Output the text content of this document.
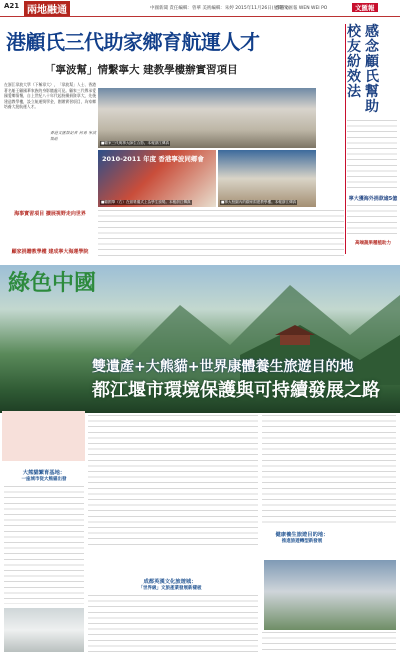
A21 兩地融通	中國新聞 責任編輯：曾華 美術編輯：朱婷 2015年11月26日(星期四)
香港文匯報 WEN WEI PO	文匯報
港顧氏三代助家鄉育航運人才
「寧波幫」情繫寧大 建教學樓辦實習項目
感念顧氏幫助
校友紛效法
在浙江寧波大學（下稱寧大），「寧波幫」人士、香港著名船王顧國華家族的身影隨處可見。顧家三代傳承愛國愛鄉情懷，自上世紀八十年代起持續捐資寧大，先後建造教學樓，設立航運獎學金，創辦實習項目，為家鄉培養大批航運人才。
香港文匯報記者 何勇 寧波報道
海事實習項目 擴展視野走向世界
顧家捐贈教學樓 建成寧大海運學院
■顧家三代與寧大師生合影。本報浙江傳真
2010-2011 年度 香港寧波同鄉會
■顧國華（右）在頒獎儀式上為學生頒獎。本報浙江傳真	■寧大校園內的顧家捐建教學樓。本報浙江傳真	寧大獲海外捐款逾5億
高端蔬果種植助力
綠色中國
雙遺產+大熊貓+世界康體養生旅遊目的地
都江堰市環境保護與可持續發展之路
大熊貓繁育基地：
一座城市從大熊貓出發
成都英漢文化旅遊城：
「世界級」文旅產業發展新樣板
健康養生旅遊目的地：
推進旅遊轉型新發展
